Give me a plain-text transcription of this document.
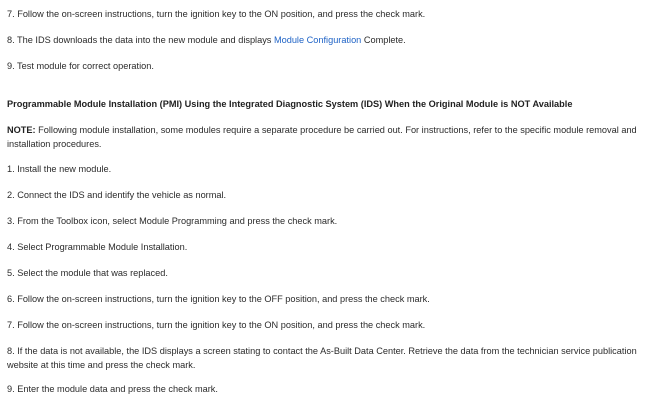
7. Follow the on-screen instructions, turn the ignition key to the ON position, and press the check mark.
8. The IDS downloads the data into the new module and displays Module Configuration Complete.
9. Test module for correct operation.
Programmable Module Installation (PMI) Using the Integrated Diagnostic System (IDS) When the Original Module is NOT Available
NOTE: Following module installation, some modules require a separate procedure be carried out. For instructions, refer to the specific module removal and installation procedures.
1. Install the new module.
2. Connect the IDS and identify the vehicle as normal.
3. From the Toolbox icon, select Module Programming and press the check mark.
4. Select Programmable Module Installation.
5. Select the module that was replaced.
6. Follow the on-screen instructions, turn the ignition key to the OFF position, and press the check mark.
7. Follow the on-screen instructions, turn the ignition key to the ON position, and press the check mark.
8. If the data is not available, the IDS displays a screen stating to contact the As-Built Data Center. Retrieve the data from the technician service publication website at this time and press the check mark.
9. Enter the module data and press the check mark.
